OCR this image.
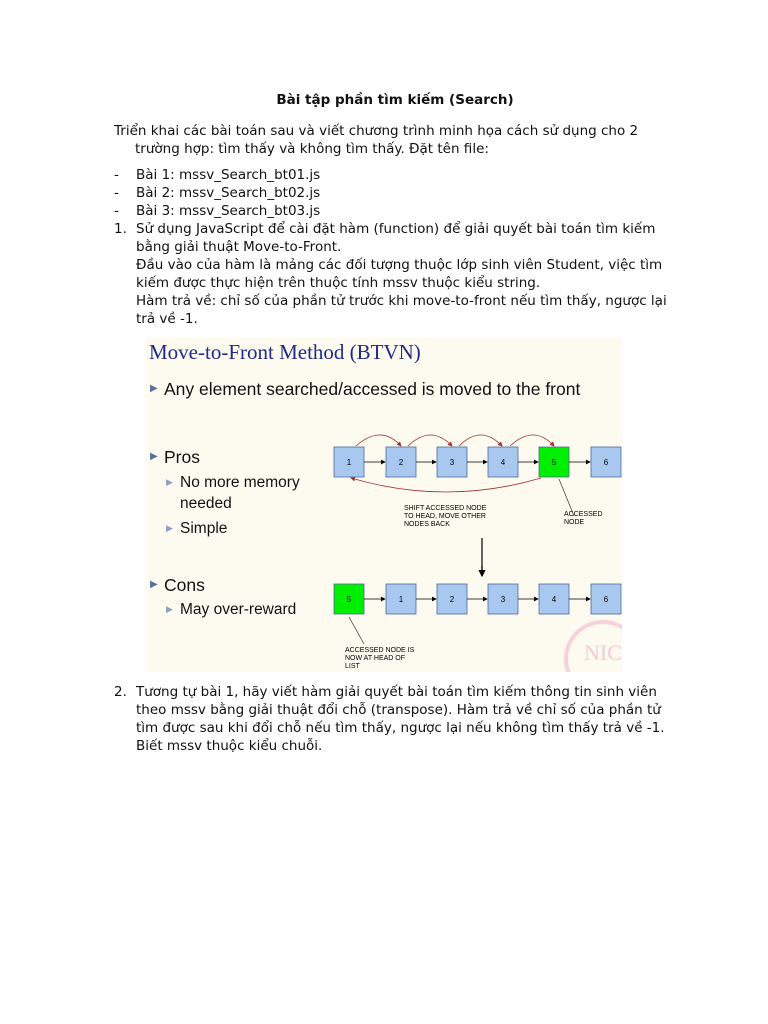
Bài tập phần tìm kiếm (Search)
Triển khai các bài toán sau và viết chương trình minh họa cách sử dụng cho 2 trường hợp: tìm thấy và không tìm thấy. Đặt tên file:
- Bài 1: mssv_Search_bt01.js
- Bài 2: mssv_Search_bt02.js
- Bài 3: mssv_Search_bt03.js
1. Sử dụng JavaScript để cài đặt hàm (function) để giải quyết bài toán tìm kiếm bằng giải thuật Move-to-Front.
Đầu vào của hàm là mảng các đối tượng thuộc lớp sinh viên Student, việc tìm kiếm được thực hiện trên thuộc tính mssv thuộc kiểu string.
Hàm trả về: chỉ số của phần tử trước khi move-to-front nếu tìm thấy, ngược lại trả về -1.
Move-to-Front Method (BTVN)
▶ Any element searched/accessed is moved to the front
▶ Pros
▶ No more memory needed
▶ Simple
▶ Cons
▶ May over-reward
NIC
1	2	3	4	5	6
5	1	2	3	4	6
SHIFT ACCESSED NODE
TO HEAD, MOVE OTHER
NODES BACK
ACCESSED
NODE
ACCESSED NODE IS
NOW AT HEAD OF
LIST
2. Tương tự bài 1, hãy viết hàm giải quyết bài toán tìm kiếm thông tin sinh viên theo mssv bằng giải thuật đổi chỗ (transpose). Hàm trả về chỉ số của phần tử tìm được sau khi đổi chỗ nếu tìm thấy, ngược lại nếu không tìm thấy trả về -1. Biết mssv thuộc kiểu chuỗi.
